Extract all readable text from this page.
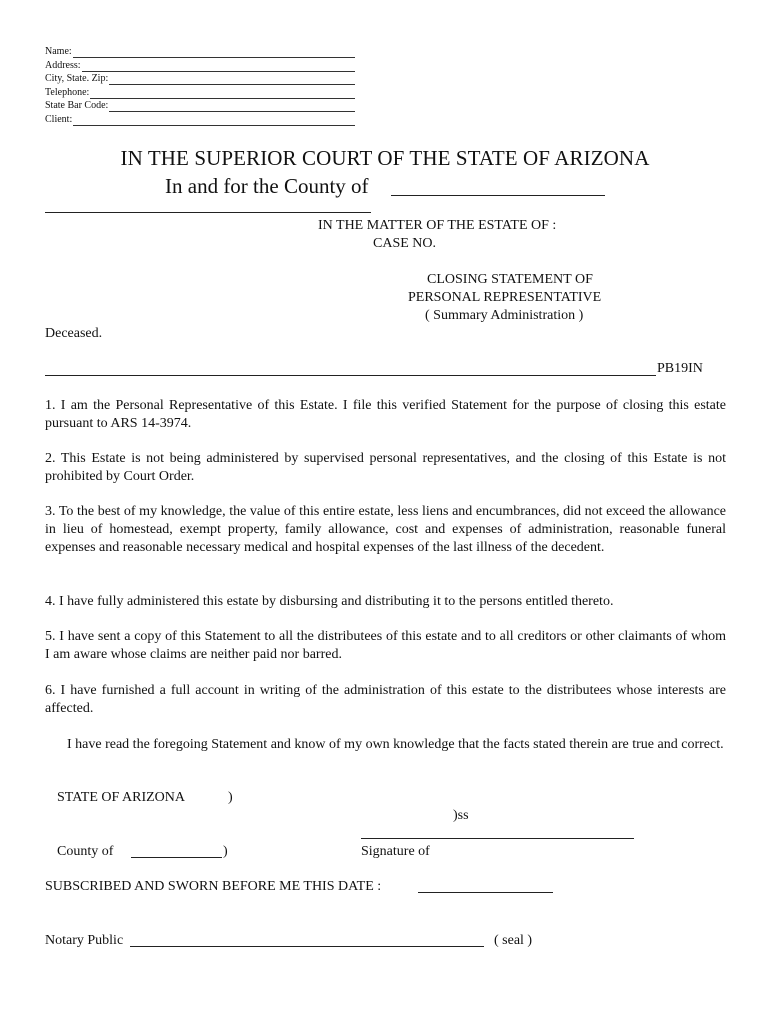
Name:
Address:
City, State. Zip:
Telephone:
State Bar Code:
Client:
IN THE SUPERIOR COURT OF THE STATE OF ARIZONA
In and for the County of
IN THE MATTER OF THE ESTATE OF :
CASE NO.
CLOSING STATEMENT OF
PERSONAL REPRESENTATIVE
( Summary Administration )
Deceased.
PB19IN
1. I am the Personal Representative of this Estate. I file this verified Statement for the purpose of closing this estate pursuant to ARS 14-3974.
2. This Estate is not being administered by supervised personal representatives, and the closing of this Estate is not prohibited by Court Order.
3. To the best of my knowledge, the value of this entire estate, less liens and encumbrances, did not exceed the allowance in lieu of homestead, exempt property, family allowance, cost and expenses of administration, reasonable funeral expenses and reasonable necessary medical and hospital expenses of the last illness of the decedent.
4. I have fully administered this estate by disbursing and distributing it to the persons entitled thereto.
5. I have sent a copy of this Statement to all the distributees of this estate and to all creditors or other claimants of whom I am aware whose claims are neither paid nor barred.
6. I have furnished a full account in writing of the administration of this estate to the distributees whose interests are affected.
I have read the foregoing Statement and know of my own knowledge that the facts stated therein are true and correct.
STATE OF ARIZONA	)
)ss
County of	)	Signature of
SUBSCRIBED AND SWORN BEFORE ME THIS DATE :
Notary Public	( seal )
